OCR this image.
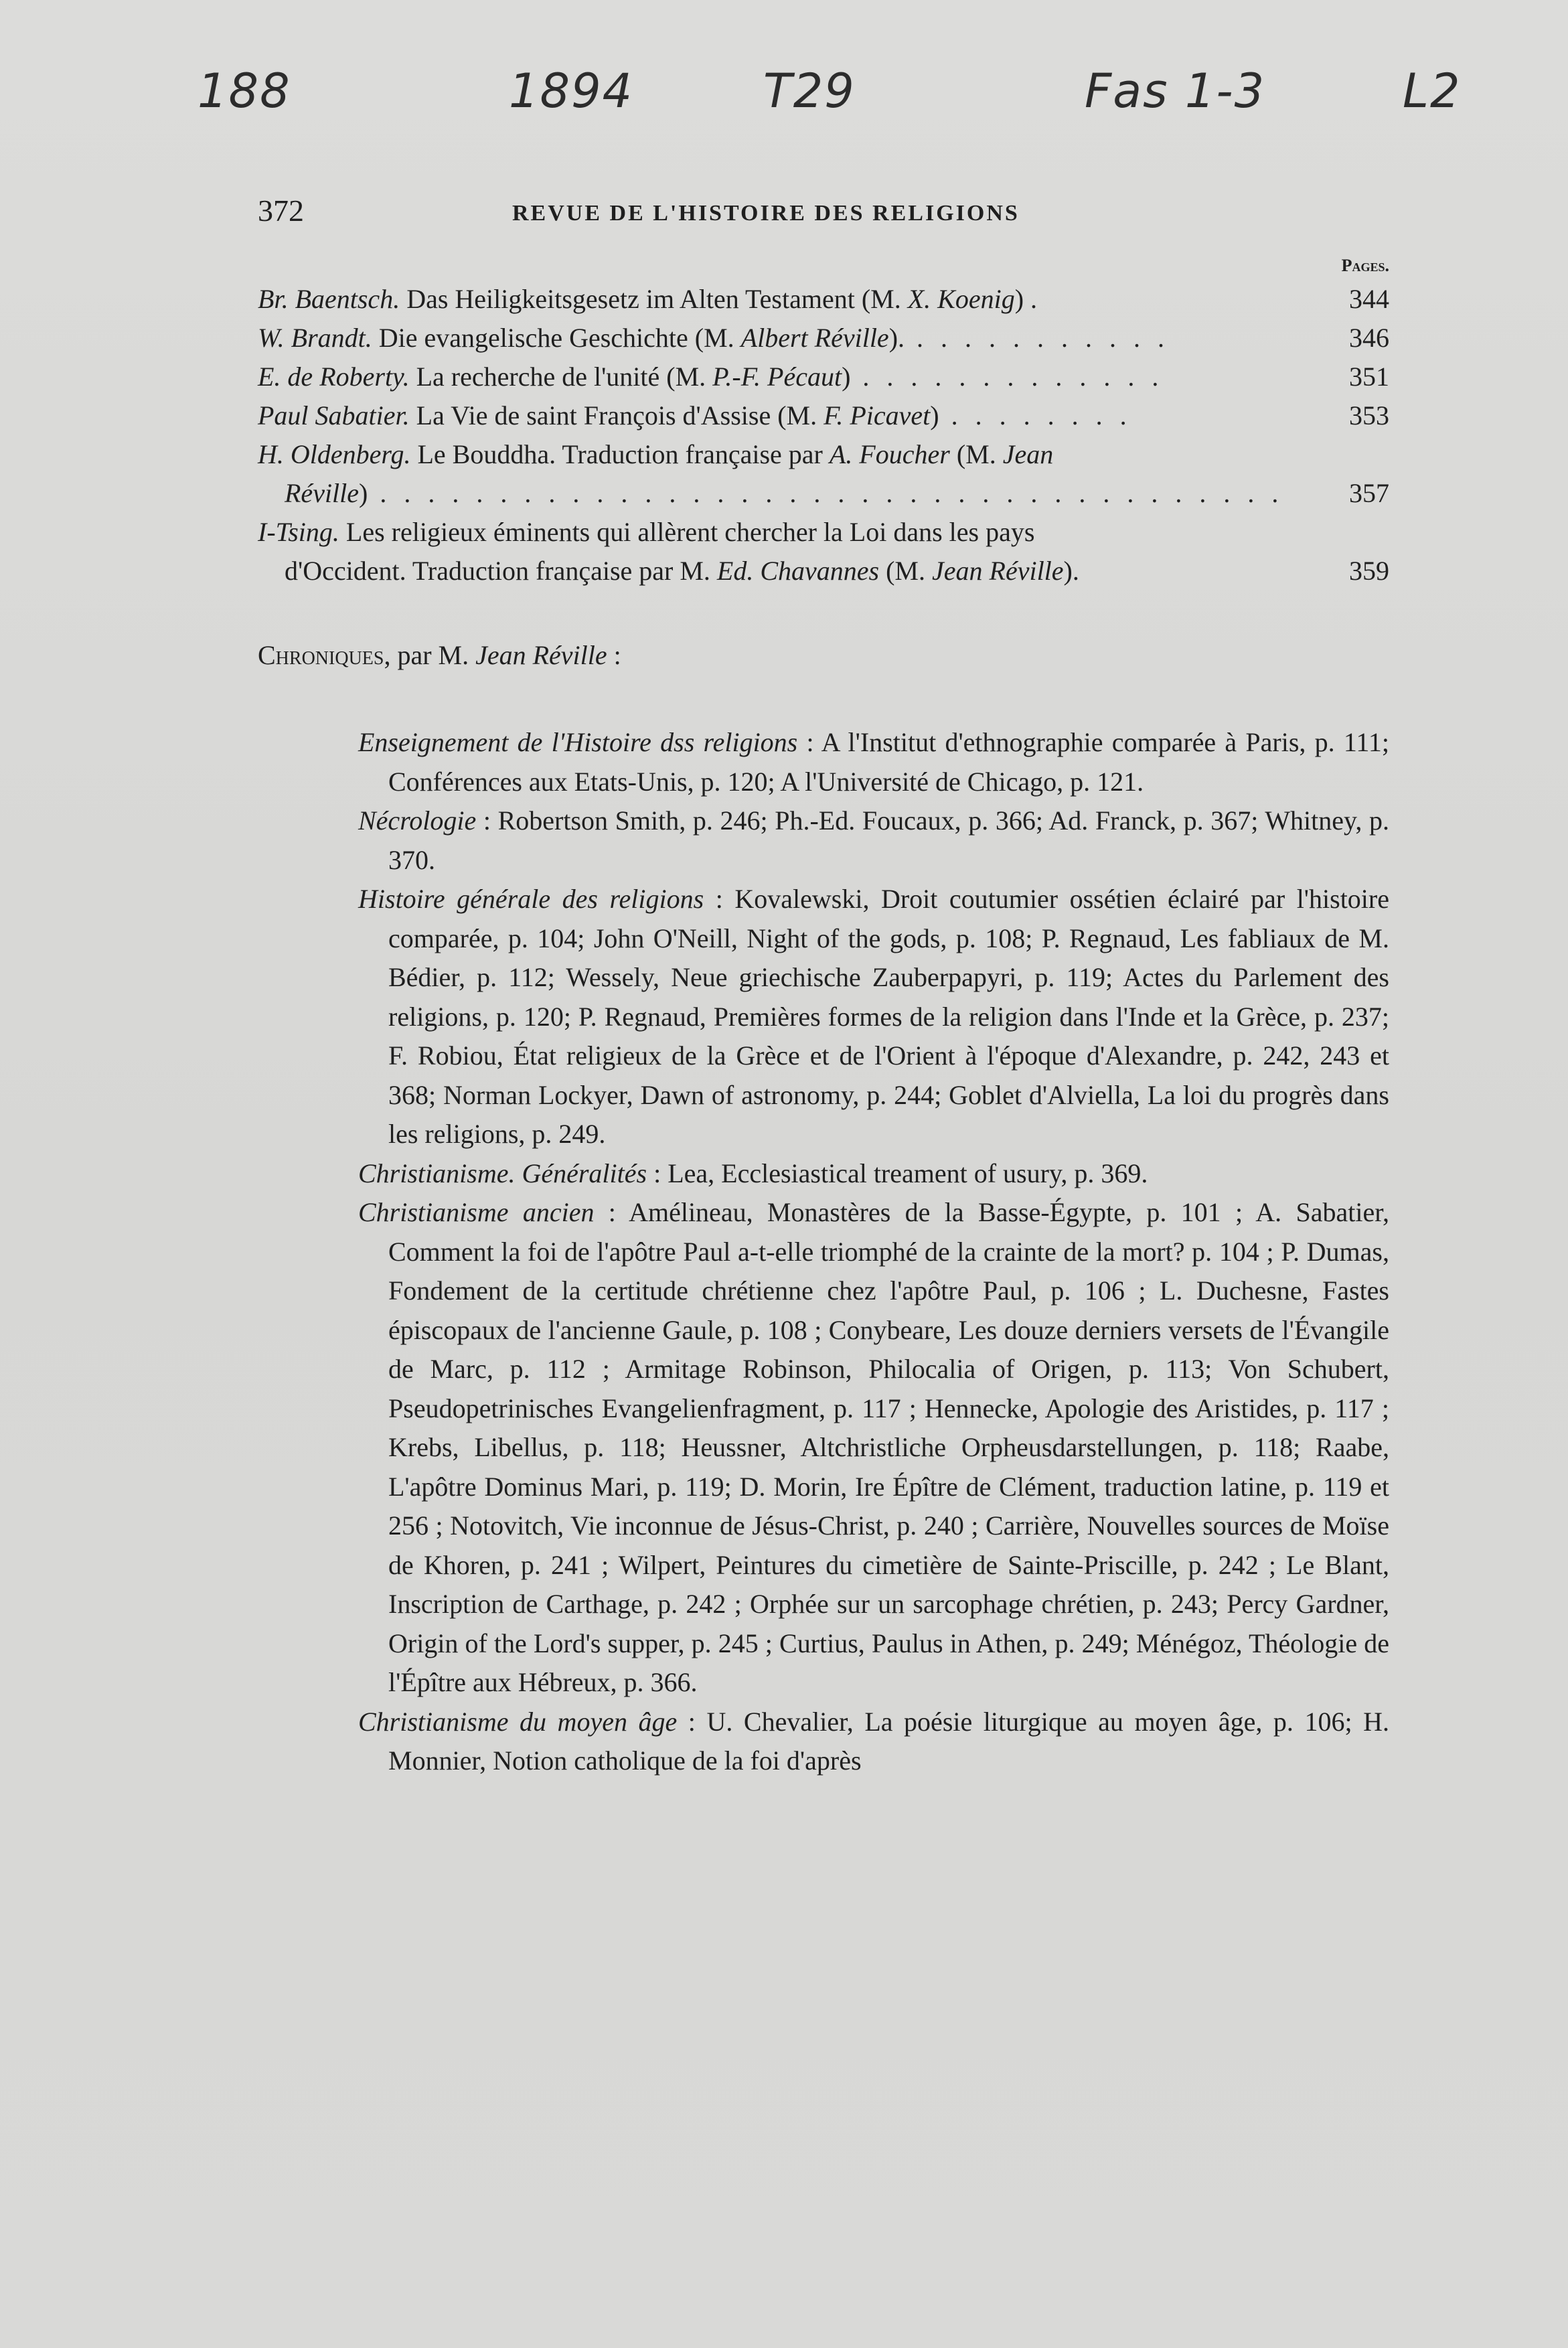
188	1894	T29	Fas 1-3	L2
372	REVUE DE L'HISTOIRE DES RELIGIONS
Pages.
Br. Baentsch. Das Heiligkeitsgesetz im Alten Testament (M. X. Koenig) .	344
W. Brandt. Die evangelische Geschichte (M. Albert Réville). . . . . . . . . . . .	346
E. de Roberty. La recherche de l'unité (M. P.-F. Pécaut) . . . . . . . . . . . . .	351
Paul Sabatier. La Vie de saint François d'Assise (M. F. Picavet) . . . . . . . .	353
H. Oldenberg. Le Bouddha. Traduction française par A. Foucher (M. Jean
Réville) . . . . . . . . . . . . . . . . . . . . . . . . . . . . . . . . . . . . . .	357
I-Tsing. Les religieux éminents qui allèrent chercher la Loi dans les pays
d'Occident. Traduction française par M. Ed. Chavannes (M. Jean Réville).	359
Chroniques, par M. Jean Réville :

Enseignement de l'Histoire dss religions : A l'Institut d'ethnographie comparée à Paris, p. 111; Conférences aux Etats-Unis, p. 120; A l'Université de Chicago, p. 121.

Nécrologie : Robertson Smith, p. 246; Ph.-Ed. Foucaux, p. 366; Ad. Franck, p. 367; Whitney, p. 370.

Histoire générale des religions : Kovalewski, Droit coutumier ossétien éclairé par l'histoire comparée, p. 104; John O'Neill, Night of the gods, p. 108; P. Regnaud, Les fabliaux de M. Bédier, p. 112; Wessely, Neue griechische Zauberpapyri, p. 119; Actes du Parlement des religions, p. 120; P. Regnaud, Premières formes de la religion dans l'Inde et la Grèce, p. 237; F. Robiou, État religieux de la Grèce et de l'Orient à l'époque d'Alexandre, p. 242, 243 et 368; Norman Lockyer, Dawn of astronomy, p. 244; Goblet d'Alviella, La loi du progrès dans les religions, p. 249.

Christianisme. Généralités : Lea, Ecclesiastical treament of usury, p. 369.

Christianisme ancien : Amélineau, Monastères de la Basse-Égypte, p. 101 ; A. Sabatier, Comment la foi de l'apôtre Paul a-t-elle triomphé de la crainte de la mort? p. 104 ; P. Dumas, Fondement de la certitude chrétienne chez l'apôtre Paul, p. 106 ; L. Duchesne, Fastes épiscopaux de l'ancienne Gaule, p. 108 ; Conybeare, Les douze derniers versets de l'Évangile de Marc, p. 112 ; Armitage Robinson, Philocalia of Origen, p. 113; Von Schubert, Pseudopetrinisches Evangelienfragment, p. 117 ; Hennecke, Apologie des Aristides, p. 117 ; Krebs, Libellus, p. 118; Heussner, Altchristliche Orpheusdarstellungen, p. 118; Raabe, L'apôtre Dominus Mari, p. 119; D. Morin, Ire Épître de Clément, traduction latine, p. 119 et 256 ; Notovitch, Vie inconnue de Jésus-Christ, p. 240 ; Carrière, Nouvelles sources de Moïse de Khoren, p. 241 ; Wilpert, Peintures du cimetière de Sainte-Priscille, p. 242 ; Le Blant, Inscription de Carthage, p. 242 ; Orphée sur un sarcophage chrétien, p. 243; Percy Gardner, Origin of the Lord's supper, p. 245 ; Curtius, Paulus in Athen, p. 249; Ménégoz, Théologie de l'Épître aux Hébreux, p. 366.

Christianisme du moyen âge : U. Chevalier, La poésie liturgique au moyen âge, p. 106; H. Monnier, Notion catholique de la foi d'après
